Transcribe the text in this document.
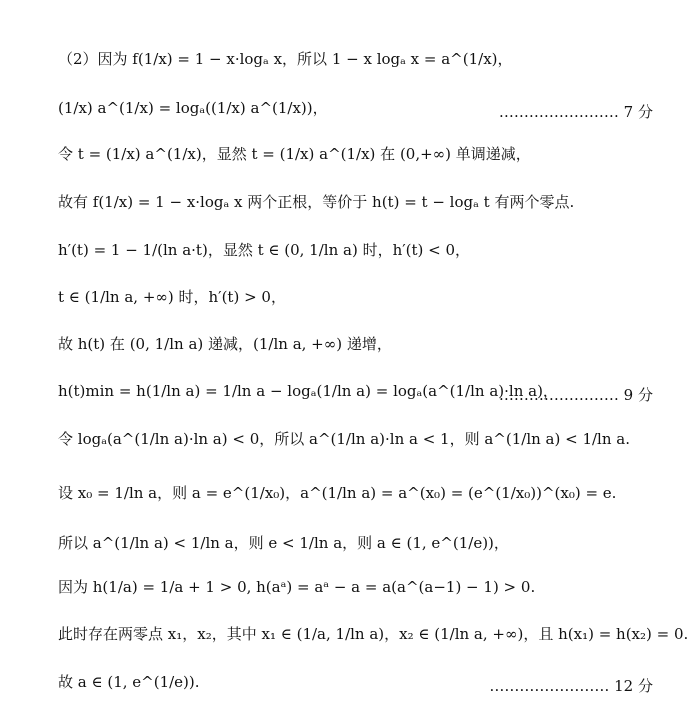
（2）因为 f(1/x) = 1 − x·logₐ x，所以 1 − x logₐ x = a^(1/x)，
(1/x) a^(1/x) = logₐ((1/x) a^(1/x))，	…………………… 7 分
令 t = (1/x) a^(1/x)，显然 t = (1/x) a^(1/x) 在 (0,+∞) 单调递减，
故有 f(1/x) = 1 − x·logₐ x 两个正根，等价于 h(t) = t − logₐ t 有两个零点.
h′(t) = 1 − 1/(ln a·t)，显然 t ∈ (0, 1/ln a) 时，h′(t) < 0，
t ∈ (1/ln a, +∞) 时，h′(t) > 0，
故 h(t) 在 (0, 1/ln a) 递减，(1/ln a, +∞) 递增，
h(t)min = h(1/ln a) = 1/ln a − logₐ(1/ln a) = logₐ(a^(1/ln a)·ln a)，
…………………… 9 分
令 logₐ(a^(1/ln a)·ln a) < 0，所以 a^(1/ln a)·ln a < 1，则 a^(1/ln a) < 1/ln a.
设 x₀ = 1/ln a，则 a = e^(1/x₀)，a^(1/ln a) = a^(x₀) = (e^(1/x₀))^(x₀) = e.
所以 a^(1/ln a) < 1/ln a，则 e < 1/ln a，则 a ∈ (1, e^(1/e))，
因为 h(1/a) = 1/a + 1 > 0, h(aᵃ) = aᵃ − a = a(a^(a−1) − 1) > 0.
此时存在两零点 x₁，x₂，其中 x₁ ∈ (1/a, 1/ln a)，x₂ ∈ (1/ln a, +∞)，且 h(x₁) = h(x₂) = 0.
故 a ∈ (1, e^(1/e)).	…………………… 12 分
